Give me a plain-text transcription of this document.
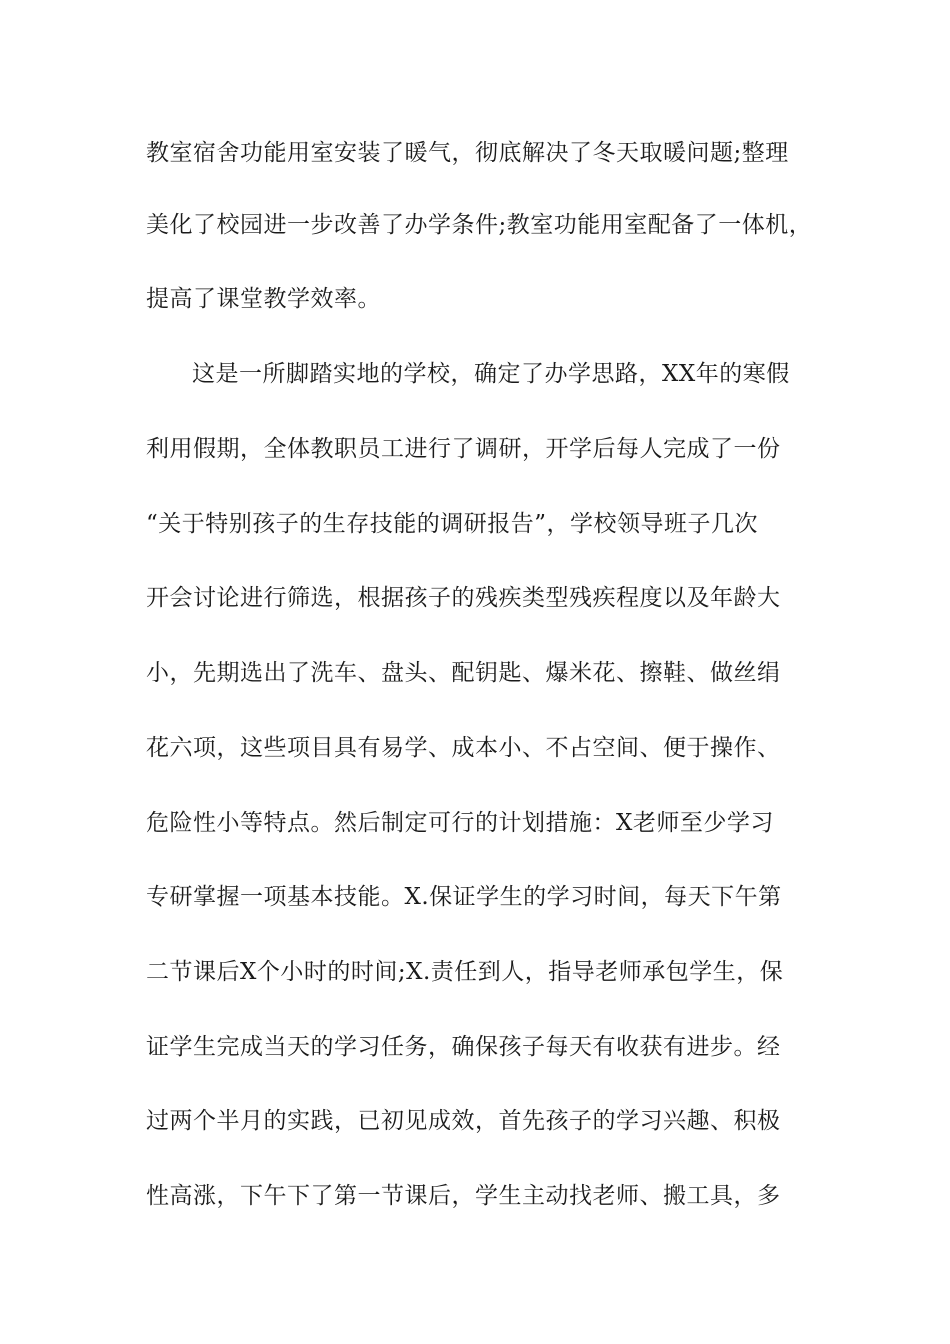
教室宿舍功能用室安装了暖气，彻底解决了冬天取暖问题;整理
美化了校园进一步改善了办学条件;教室功能用室配备了一体机，
提高了课堂教学效率。
这是一所脚踏实地的学校，确定了办学思路，XX年的寒假
利用假期，全体教职员工进行了调研，开学后每人完成了一份
“关于特别孩子的生存技能的调研报告”，学校领导班子几次
开会讨论进行筛选，根据孩子的残疾类型残疾程度以及年龄大
小，先期选出了洗车、盘头、配钥匙、爆米花、擦鞋、做丝绢
花六项，这些项目具有易学、成本小、不占空间、便于操作、
危险性小等特点。然后制定可行的计划措施：X老师至少学习
专研掌握一项基本技能。X.保证学生的学习时间，每天下午第
二节课后X个小时的时间;X.责任到人，指导老师承包学生，保
证学生完成当天的学习任务，确保孩子每天有收获有进步。经
过两个半月的实践，已初见成效，首先孩子的学习兴趣、积极
性高涨，下午下了第一节课后，学生主动找老师、搬工具，多
